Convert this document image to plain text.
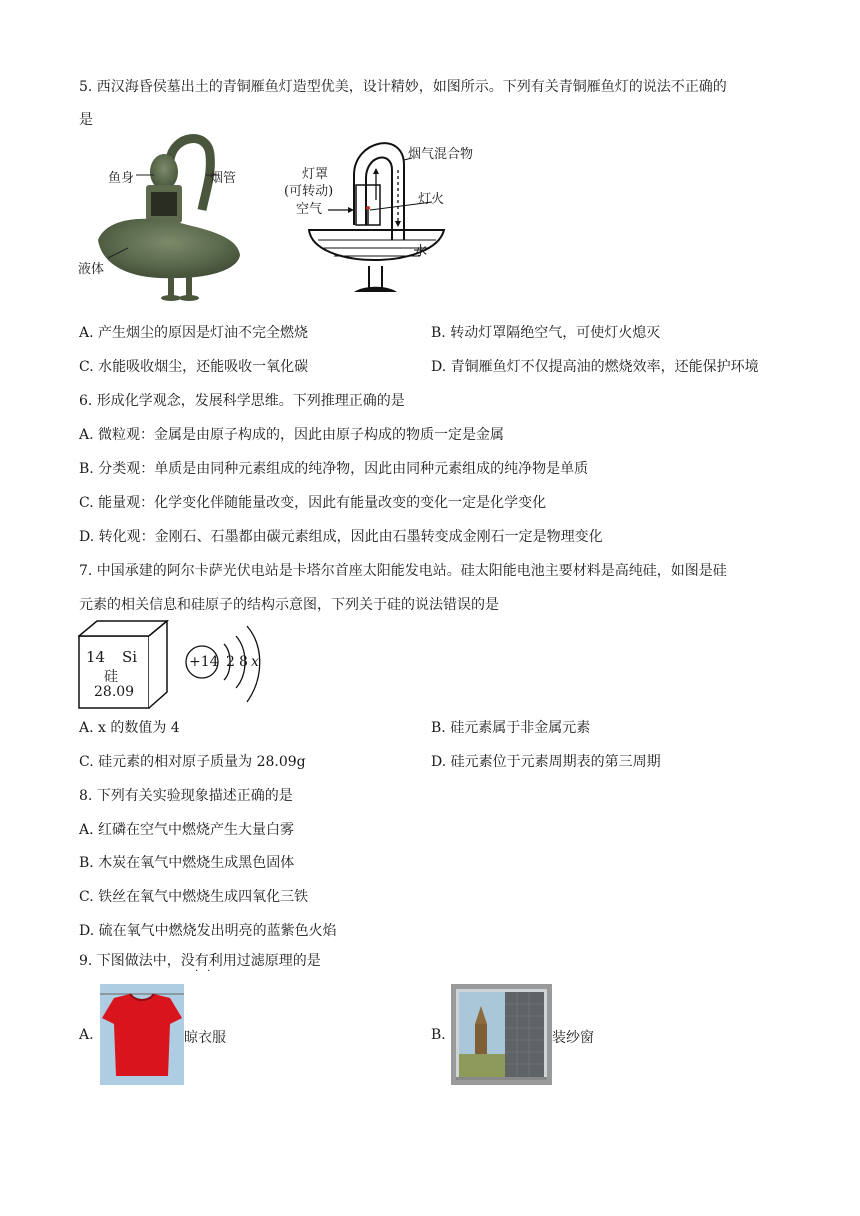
5. 西汉海昏侯墓出土的青铜雁鱼灯造型优美，设计精妙，如图所示。下列有关青铜雁鱼灯的说法不正确的
是
鱼身	烟管
液体
烟气混合物
灯罩
(可转动)
空气
灯火
水
A. 产生烟尘的原因是灯油不完全燃烧	B. 转动灯罩隔绝空气，可使灯火熄灭
C. 水能吸收烟尘，还能吸收一氧化碳	D. 青铜雁鱼灯不仅提高油的燃烧效率，还能保护环境
6. 形成化学观念，发展科学思维。下列推理正确的是
A. 微粒观：金属是由原子构成的，因此由原子构成的物质一定是金属
B. 分类观：单质是由同种元素组成的纯净物，因此由同种元素组成的纯净物是单质
C. 能量观：化学变化伴随能量改变，因此有能量改变的变化一定是化学变化
D. 转化观：金刚石、石墨都由碳元素组成，因此由石墨转变成金刚石一定是物理变化
7. 中国承建的阿尔卡萨光伏电站是卡塔尔首座太阳能发电站。硅太阳能电池主要材料是高纯硅，如图是硅
元素的相关信息和硅原子的结构示意图，下列关于硅的说法错误的是
14 Si
硅
28.09
+14 2 8 x
A. x 的数值为 4	B. 硅元素属于非金属元素
C. 硅元素的相对原子质量为 28.09g	D. 硅元素位于元素周期表的第三周期
8. 下列有关实验现象描述正确的是
A. 红磷在空气中燃烧产生大量白雾
B. 木炭在氧气中燃烧生成黑色固体
C. 铁丝在氧气中燃烧生成四氧化三铁
D. 硫在氧气中燃烧发出明亮的蓝紫色火焰
9. 下图做法中，没有利用过滤原理的是
··
A.	晾衣服	B.	装纱窗
